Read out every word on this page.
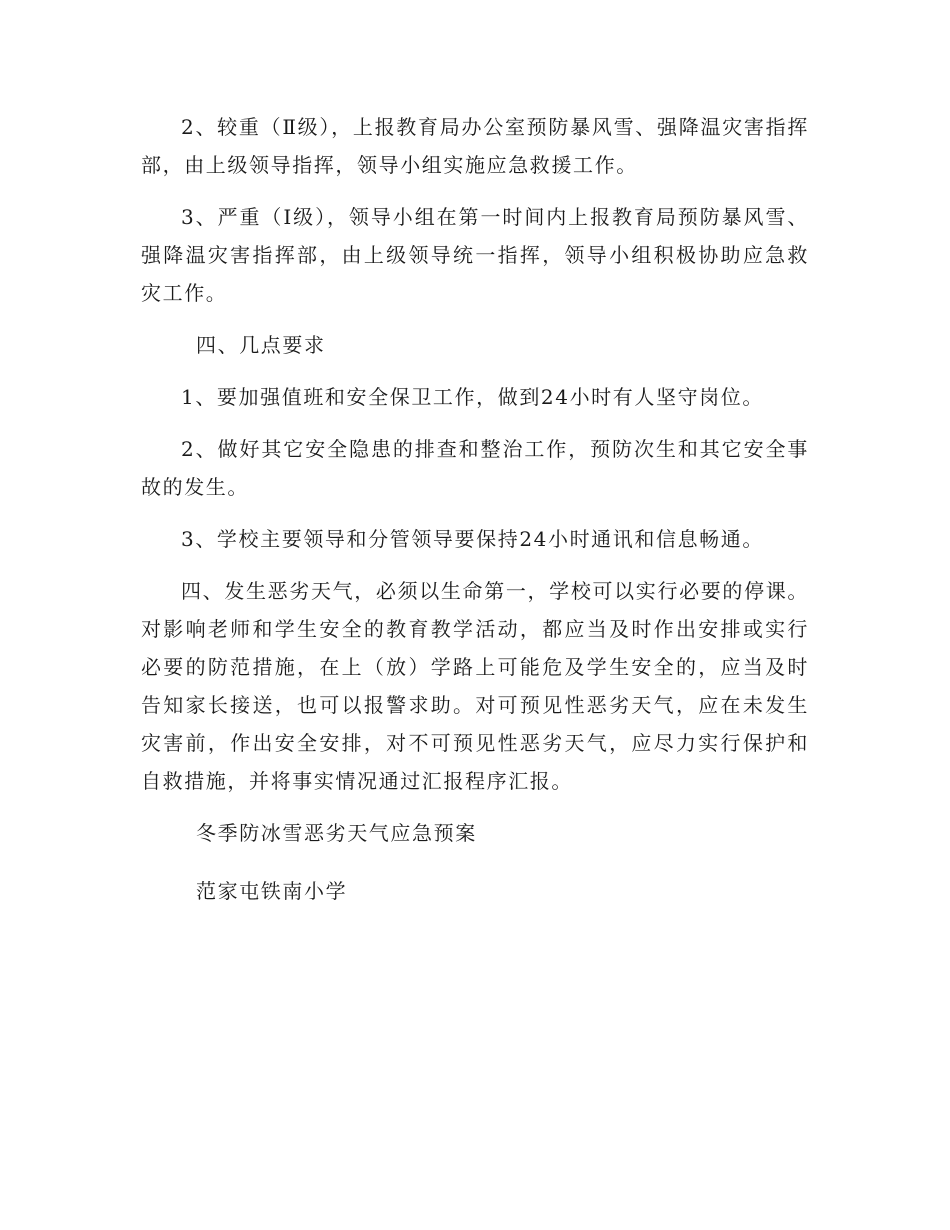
2、较重（Ⅱ级），上报教育局办公室预防暴风雪、强降温灾害指挥部，由上级领导指挥，领导小组实施应急救援工作。

3、严重（Ⅰ级），领导小组在第一时间内上报教育局预防暴风雪、强降温灾害指挥部，由上级领导统一指挥，领导小组积极协助应急救灾工作。

四、几点要求

1、要加强值班和安全保卫工作，做到24小时有人坚守岗位。

2、做好其它安全隐患的排查和整治工作，预防次生和其它安全事故的发生。

3、学校主要领导和分管领导要保持24小时通讯和信息畅通。

四、发生恶劣天气，必须以生命第一，学校可以实行必要的停课。对影响老师和学生安全的教育教学活动，都应当及时作出安排或实行必要的防范措施，在上（放）学路上可能危及学生安全的，应当及时告知家长接送，也可以报警求助。对可预见性恶劣天气，应在未发生灾害前，作出安全安排，对不可预见性恶劣天气，应尽力实行保护和自救措施，并将事实情况通过汇报程序汇报。

冬季防冰雪恶劣天气应急预案

范家屯铁南小学
